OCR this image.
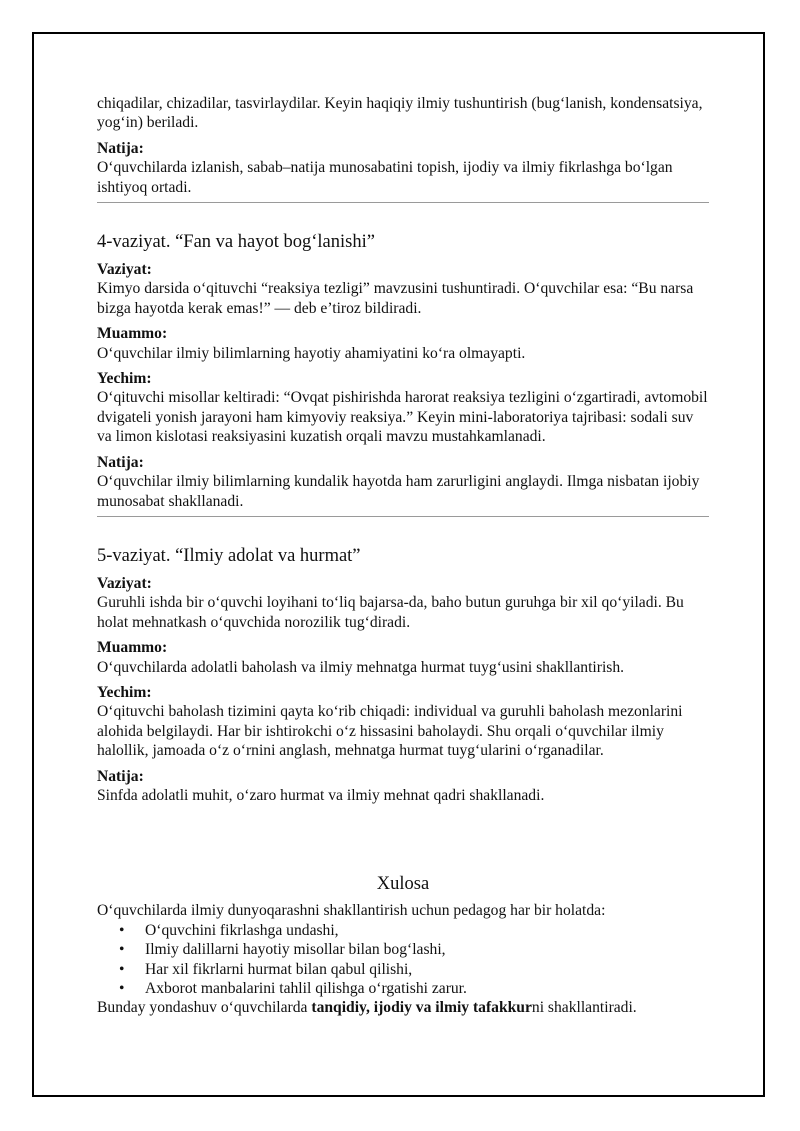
chiqadilar, chizadilar, tasvirlaydilar. Keyin haqiqiy ilmiy tushuntirish (bug‘lanish, kondensatsiya, yog‘in) beriladi.

Natija:

O‘quvchilarda izlanish, sabab–natija munosabatini topish, ijodiy va ilmiy fikrlashga bo‘lgan ishtiyoq ortadi.

4-vaziyat. “Fan va hayot bog‘lanishi”

Vaziyat:

Kimyo darsida o‘qituvchi “reaksiya tezligi” mavzusini tushuntiradi. O‘quvchilar esa: “Bu narsa bizga hayotda kerak emas!” — deb e’tiroz bildiradi.

Muammo:

O‘quvchilar ilmiy bilimlarning hayotiy ahamiyatini ko‘ra olmayapti.

Yechim:

O‘qituvchi misollar keltiradi: “Ovqat pishirishda harorat reaksiya tezligini o‘zgartiradi, avtomobil dvigateli yonish jarayoni ham kimyoviy reaksiya.” Keyin mini-laboratoriya tajribasi: sodali suv va limon kislotasi reaksiyasini kuzatish orqali mavzu mustahkamlanadi.

Natija:

O‘quvchilar ilmiy bilimlarning kundalik hayotda ham zarurligini anglaydi. Ilmga nisbatan ijobiy munosabat shakllanadi.

5-vaziyat. “Ilmiy adolat va hurmat”

Vaziyat:

Guruhli ishda bir o‘quvchi loyihani to‘liq bajarsa-da, baho butun guruhga bir xil qo‘yiladi. Bu holat mehnatkash o‘quvchida norozilik tug‘diradi.

Muammo:

O‘quvchilarda adolatli baholash va ilmiy mehnatga hurmat tuyg‘usini shakllantirish.

Yechim:

O‘qituvchi baholash tizimini qayta ko‘rib chiqadi: individual va guruhli baholash mezonlarini alohida belgilaydi. Har bir ishtirokchi o‘z hissasini baholaydi. Shu orqali o‘quvchilar ilmiy halollik, jamoada o‘z o‘rnini anglash, mehnatga hurmat tuyg‘ularini o‘rganadilar.

Natija:

Sinfda adolatli muhit, o‘zaro hurmat va ilmiy mehnat qadri shakllanadi.

Xulosa

O‘quvchilarda ilmiy dunyoqarashni shakllantirish uchun pedagog har bir holatda:

• O‘quvchini fikrlashga undashi,
• Ilmiy dalillarni hayotiy misollar bilan bog‘lashi,
• Har xil fikrlarni hurmat bilan qabul qilishi,
• Axborot manbalarini tahlil qilishga o‘rgatishi zarur.

Bunday yondashuv o‘quvchilarda tanqidiy, ijodiy va ilmiy tafakkurni shakllantiradi.
